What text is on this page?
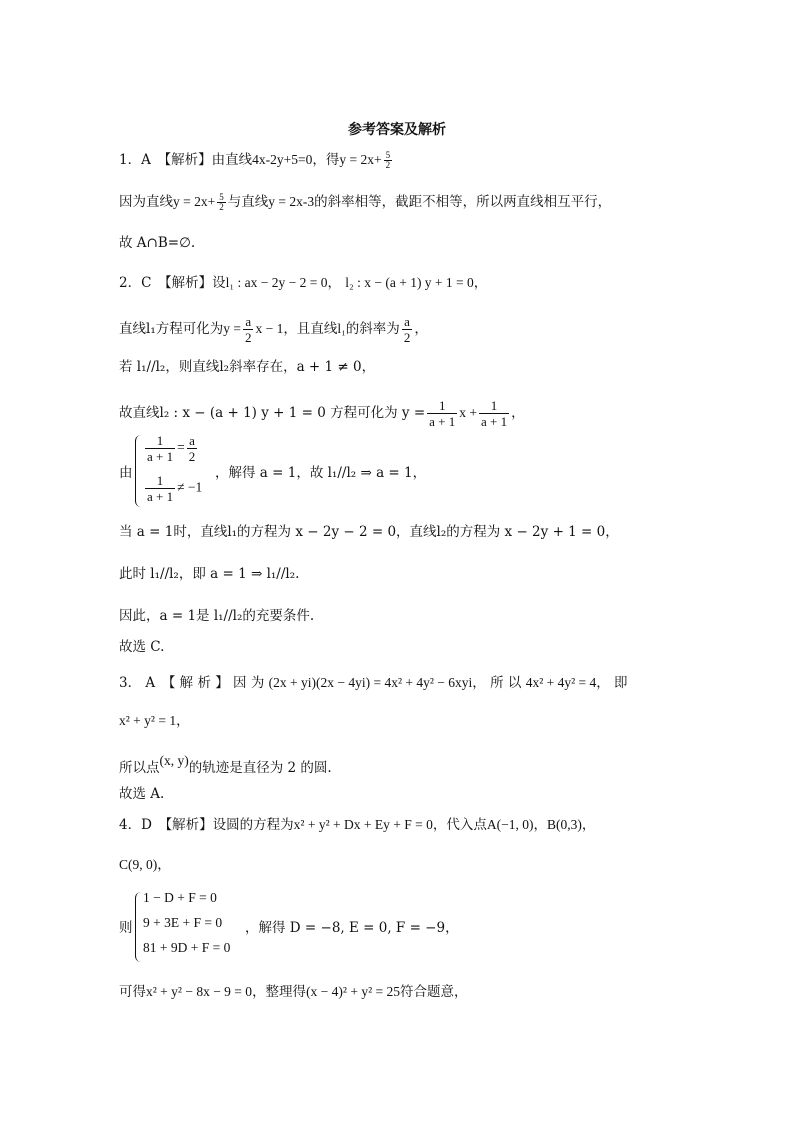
参考答案及解析
1．A　【解析】由直线4x-2y+5=0，得$y = 2x+ \frac{5}{2}$
因为直线$y = 2x+ \frac{5}{2}$ 与直线y = 2x-3的斜率相等，截距不相等，所以两直线相互平行，
故 A∩B=∅.
2．C　【解析】设l₁ : ax − 2y − 2 = 0， l₂ : x − (a + 1) y + 1 = 0，
直线l₁方程可化为$y = \frac{a}{2}$ x − 1，且直线l₁的斜率为 $\frac{a}{2}$ ，
若 l₁//l₂，则直线l₂斜率存在，a + 1 ≠ 0，
故直线l₂ : x − (a + 1) y + 1 = 0 方程可化为 $y = \frac{1}{a + 1}$ $x + \frac{1}{a + 1}$ ，
由
$\frac{1}{a + 1} = \frac{a}{2}$
$\frac{1}{a + 1} \ne -1$
，解得 a = 1，故 l₁//l₂ ⇒ a = 1，
当 a = 1时，直线l₁的方程为 x − 2y − 2 = 0，直线l₂的方程为 x − 2y + 1 = 0，
此时 l₁//l₂，即 a = 1 ⇒ l₁//l₂.
因此，a = 1是 l₁//l₂的充要条件.
故选 C.
3． A　【 解 析 】 因 为 (2x + yi)(2x − 4yi) = 4x² + 4y² − 6xyi， 所 以 4x² + 4y² = 4， 即
x² + y² = 1，
所以点(x, y)的轨迹是直径为 2 的圆.
故选 A.
4．D　【解析】设圆的方程为x² + y² + Dx + Ey + F = 0，代入点A(−1, 0)，B(0,3)，
C(9, 0)，
则
1 − D + F = 0
9 + 3E + F = 0
81 + 9D + F = 0
，解得 D = −8, E = 0, F = −9，
可得x² + y² − 8x − 9 = 0，整理得(x − 4)² + y² = 25符合题意，
